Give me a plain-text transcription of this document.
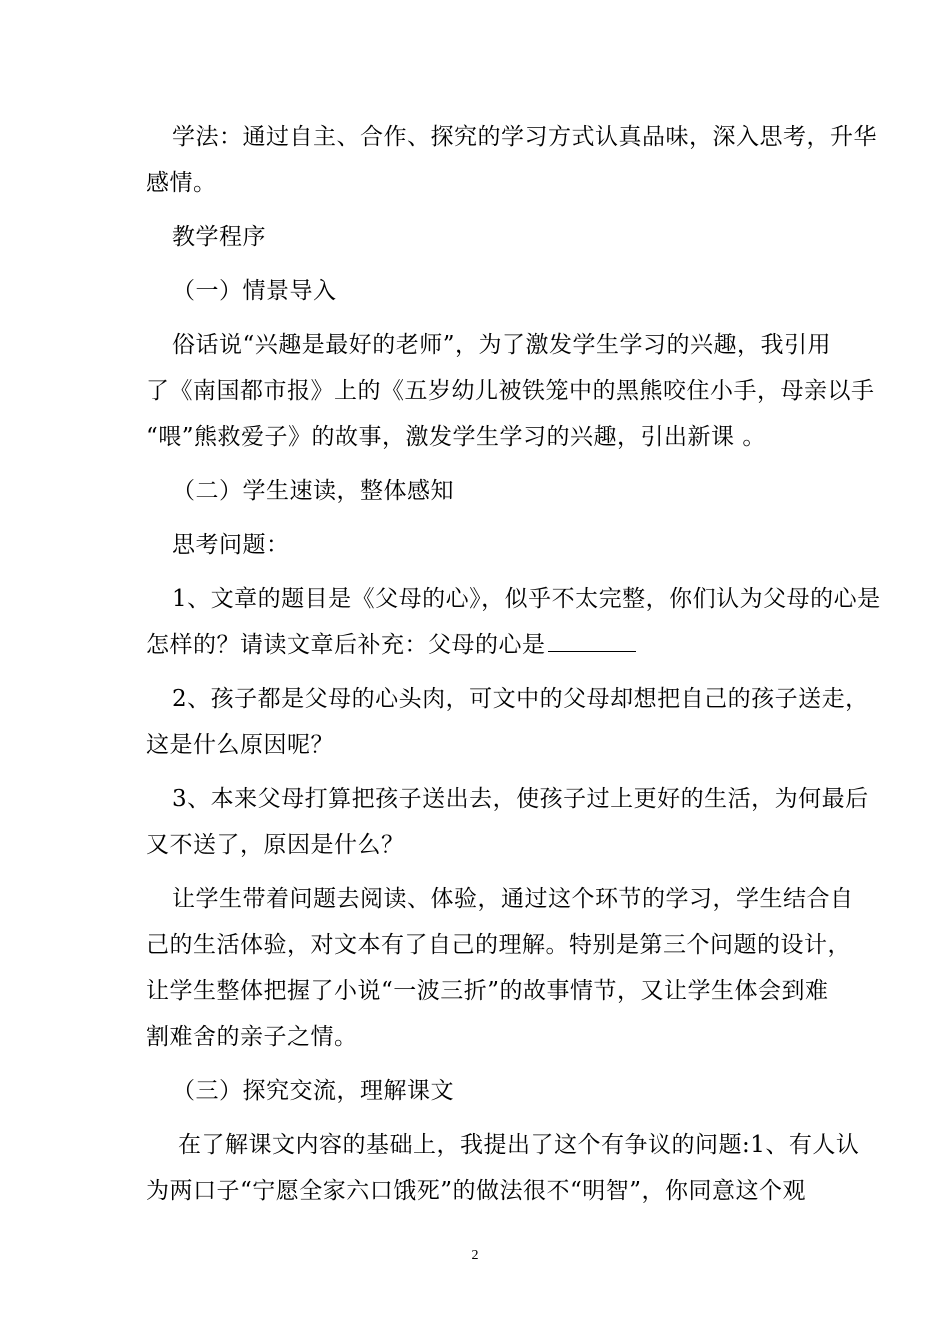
学法：通过自主、合作、探究的学习方式认真品味，深入思考，升华
感情。
教学程序
（一）情景导入
俗话说“兴趣是最好的老师”，为了激发学生学习的兴趣，我引用
了《南国都市报》上的《五岁幼儿被铁笼中的黑熊咬住小手，母亲以手
“喂”熊救爱子》的故事，激发学生学习的兴趣，引出新课 。
（二）学生速读，整体感知
思考问题：
1、文章的题目是《父母的心》，似乎不太完整，你们认为父母的心是
怎样的？请读文章后补充：父母的心是
2、孩子都是父母的心头肉，可文中的父母却想把自己的孩子送走，
这是什么原因呢？
3、本来父母打算把孩子送出去，使孩子过上更好的生活，为何最后
又不送了，原因是什么？
让学生带着问题去阅读、体验，通过这个环节的学习，学生结合自
己的生活体验，对文本有了自己的理解。特别是第三个问题的设计，
让学生整体把握了小说“一波三折”的故事情节，又让学生体会到难
割难舍的亲子之情。
（三）探究交流，理解课文
在了解课文内容的基础上，我提出了这个有争议的问题:1、有人认
为两口子“宁愿全家六口饿死”的做法很不“明智”，你同意这个观
2
